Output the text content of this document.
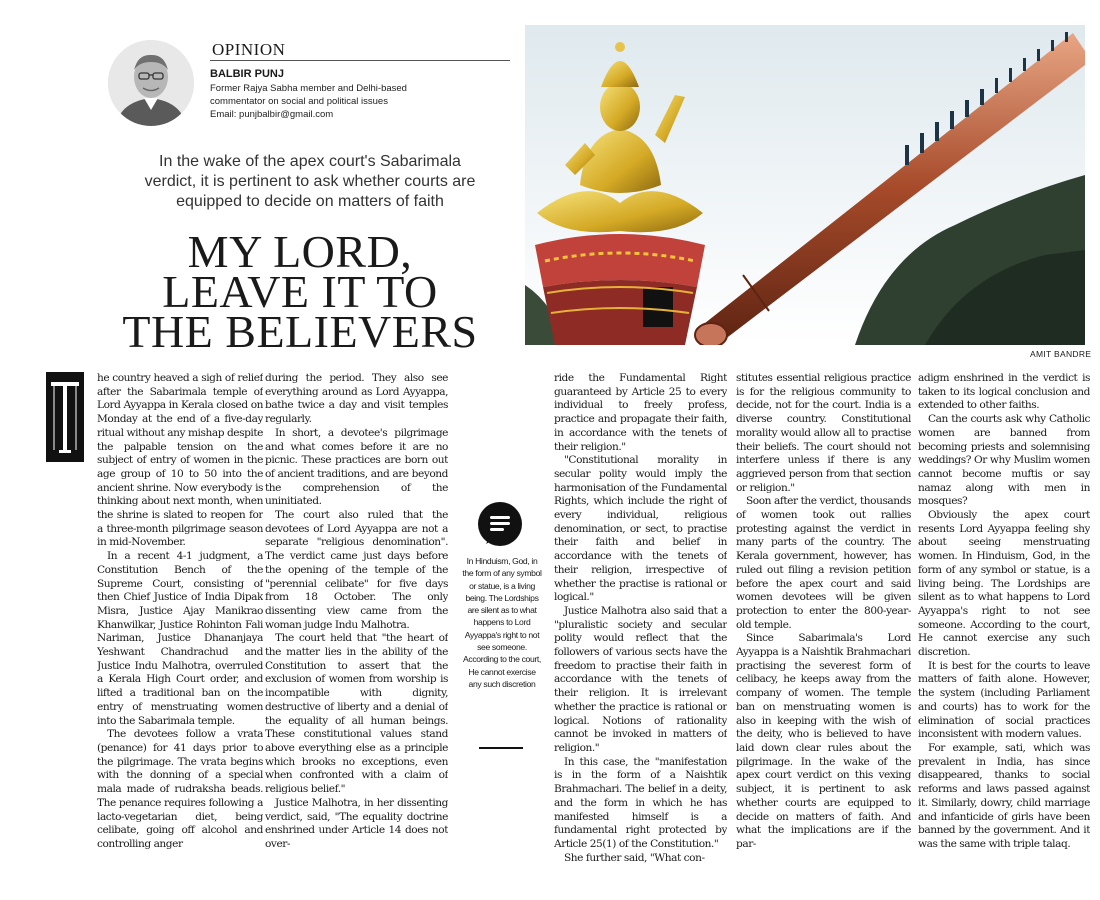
OPINION
BALBIR PUNJ
Former Rajya Sabha member and Delhi-based
commentator on social and political issues
Email: punjbalbir@gmail.com
In the wake of the apex court's Sabarimala
verdict, it is pertinent to ask whether courts are
equipped to decide on matters of faith
MY LORD,
LEAVE IT TO
THE BELIEVERS	AMIT BANDRE

he country heaved a sigh of relief after the Sabarimala temple of Lord Ayyappa in Kerala closed on Monday at the end of a five-day ritual without any mishap despite the palpable tension on the subject of entry of women in the age group of 10 to 50 into the ancient shrine. Now everybody is thinking about next month, when the shrine is slated to reopen for a three-month pilgrimage season in mid-November.

In a recent 4-1 judgment, a Constitution Bench of the Supreme Court, consisting of then Chief Justice of India Dipak Misra, Justice Ajay Manikrao Khanwilkar, Justice Rohinton Fali Nariman, Justice Dhananjaya Yeshwant Chandrachud and Justice Indu Malhotra, overruled a Kerala High Court order, and lifted a traditional ban on the entry of menstruating women into the Sabarimala temple.

The devotees follow a vrata (penance) for 41 days prior to the pilgrimage. The vrata begins with the donning of a special mala made of rudraksha beads. The penance requires following a lacto-vegetarian diet, being celibate, going off alcohol and controlling anger

during the period. They also see everything around as Lord Ayyappa, bathe twice a day and visit temples regularly.

In short, a devotee's pilgrimage and what comes before it are no picnic. These practices are born out of ancient traditions, and are beyond the comprehension of the uninitiated.

The court also ruled that the devotees of Lord Ayyappa are not a separate "religious denomination". The verdict came just days before the opening of the temple of the "perennial celibate" for five days from 18 October. The only dissenting view came from the woman judge Indu Malhotra.

The court held that "the heart of the matter lies in the ability of the Constitution to assert that the exclusion of women from worship is incompatible with dignity, destructive of liberty and a denial of the equality of all human beings. These constitutional values stand above everything else as a principle which brooks no exceptions, even when confronted with a claim of religious belief."

Justice Malhotra, in her dissenting verdict, said, "The equality doctrine enshrined under Article 14 does not over-

In Hinduism, God, in the form of any symbol or statue, is a living being. The Lordships are silent as to what happens to Lord Ayyappa's right to not see someone. According to the court, He cannot exercise any such discretion

ride the Fundamental Right guaranteed by Article 25 to every individual to freely profess, practice and propagate their faith, in accordance with the tenets of their religion."

"Constitutional morality in secular polity would imply the harmonisation of the Fundamental Rights, which include the right of every individual, religious denomination, or sect, to practise their faith and belief in accordance with the tenets of their religion, irrespective of whether the practise is rational or logical."

Justice Malhotra also said that a "pluralistic society and secular polity would reflect that the followers of various sects have the freedom to practise their faith in accordance with the tenets of their religion. It is irrelevant whether the practice is rational or logical. Notions of rationality cannot be invoked in matters of religion."

In this case, the "manifestation is in the form of a Naishtik Brahmachari. The belief in a deity, and the form in which he has manifested himself is a fundamental right protected by Article 25(1) of the Constitution."

She further said, "What con-

stitutes essential religious practice is for the religious community to decide, not for the court. India is a diverse country. Constitutional morality would allow all to practise their beliefs. The court should not interfere unless if there is any aggrieved person from that section or religion."

Soon after the verdict, thousands of women took out rallies protesting against the verdict in many parts of the country. The Kerala government, however, has ruled out filing a revision petition before the apex court and said women devotees will be given protection to enter the 800-year-old temple.

Since Sabarimala's Lord Ayyappa is a Naishtik Brahmachari practising the severest form of celibacy, he keeps away from the company of women. The temple ban on menstruating women is also in keeping with the wish of the deity, who is believed to have laid down clear rules about the pilgrimage. In the wake of the apex court verdict on this vexing subject, it is pertinent to ask whether courts are equipped to decide on matters of faith. And what the implications are if the par-

adigm enshrined in the verdict is taken to its logical conclusion and extended to other faiths.

Can the courts ask why Catholic women are banned from becoming priests and solemnising weddings? Or why Muslim women cannot become muftis or say namaz along with men in mosques?

Obviously the apex court resents Lord Ayyappa feeling shy about seeing menstruating women. In Hinduism, God, in the form of any symbol or statue, is a living being. The Lordships are silent as to what happens to Lord Ayyappa's right to not see someone. According to the court, He cannot exercise any such discretion.

It is best for the courts to leave matters of faith alone. However, the system (including Parliament and courts) has to work for the elimination of social practices inconsistent with modern values.

For example, sati, which was prevalent in India, has since disappeared, thanks to social reforms and laws passed against it. Similarly, dowry, child marriage and infanticide of girls have been banned by the government. And it was the same with triple talaq.
